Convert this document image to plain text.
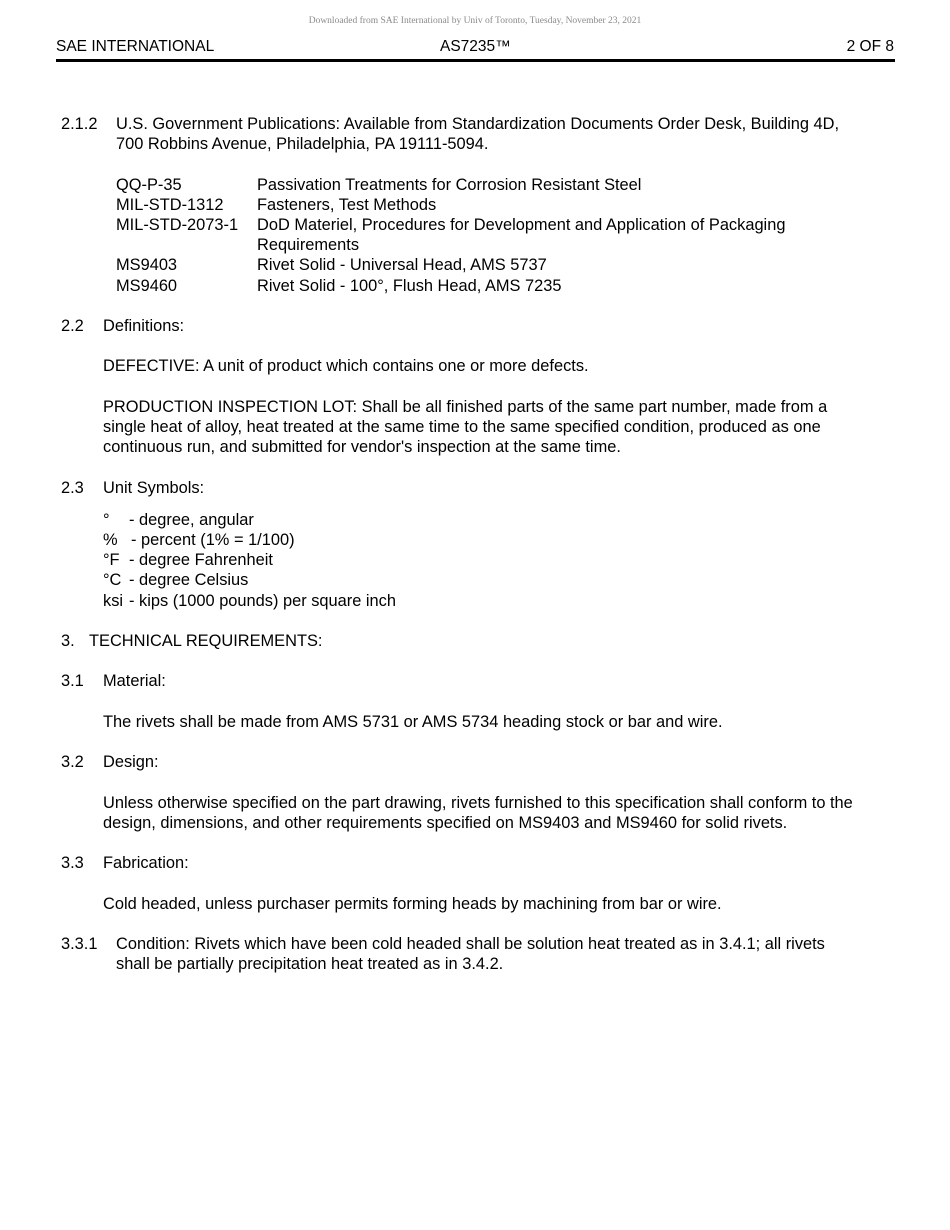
Downloaded from SAE International by Univ of Toronto, Tuesday, November 23, 2021
SAE INTERNATIONAL	AS7235™	2 OF 8
2.1.2	U.S. Government Publications: Available from Standardization Documents Order Desk, Building 4D, 700 Robbins Avenue, Philadelphia, PA 19111-5094.
QQ-P-35	Passivation Treatments for Corrosion Resistant Steel
MIL-STD-1312	Fasteners, Test Methods
MIL-STD-2073-1	DoD Materiel, Procedures for Development and Application of Packaging Requirements
MS9403	Rivet Solid - Universal Head, AMS 5737
MS9460	Rivet Solid - 100°, Flush Head, AMS 7235
2.2	Definitions:
DEFECTIVE: A unit of product which contains one or more defects.
PRODUCTION INSPECTION LOT: Shall be all finished parts of the same part number, made from a single heat of alloy, heat treated at the same time to the same specified condition, produced as one continuous run, and submitted for vendor's inspection at the same time.
2.3	Unit Symbols:
°	- degree, angular
% - percent (1% = 1/100)
°F - degree Fahrenheit
°C - degree Celsius
ksi - kips (1000 pounds) per square inch
3. TECHNICAL REQUIREMENTS:
3.1	Material:
The rivets shall be made from AMS 5731 or AMS 5734 heading stock or bar and wire.
3.2	Design:
Unless otherwise specified on the part drawing, rivets furnished to this specification shall conform to the design, dimensions, and other requirements specified on MS9403 and MS9460 for solid rivets.
3.3	Fabrication:
Cold headed, unless purchaser permits forming heads by machining from bar or wire.
3.3.1	Condition: Rivets which have been cold headed shall be solution heat treated as in 3.4.1; all rivets shall be partially precipitation heat treated as in 3.4.2.
